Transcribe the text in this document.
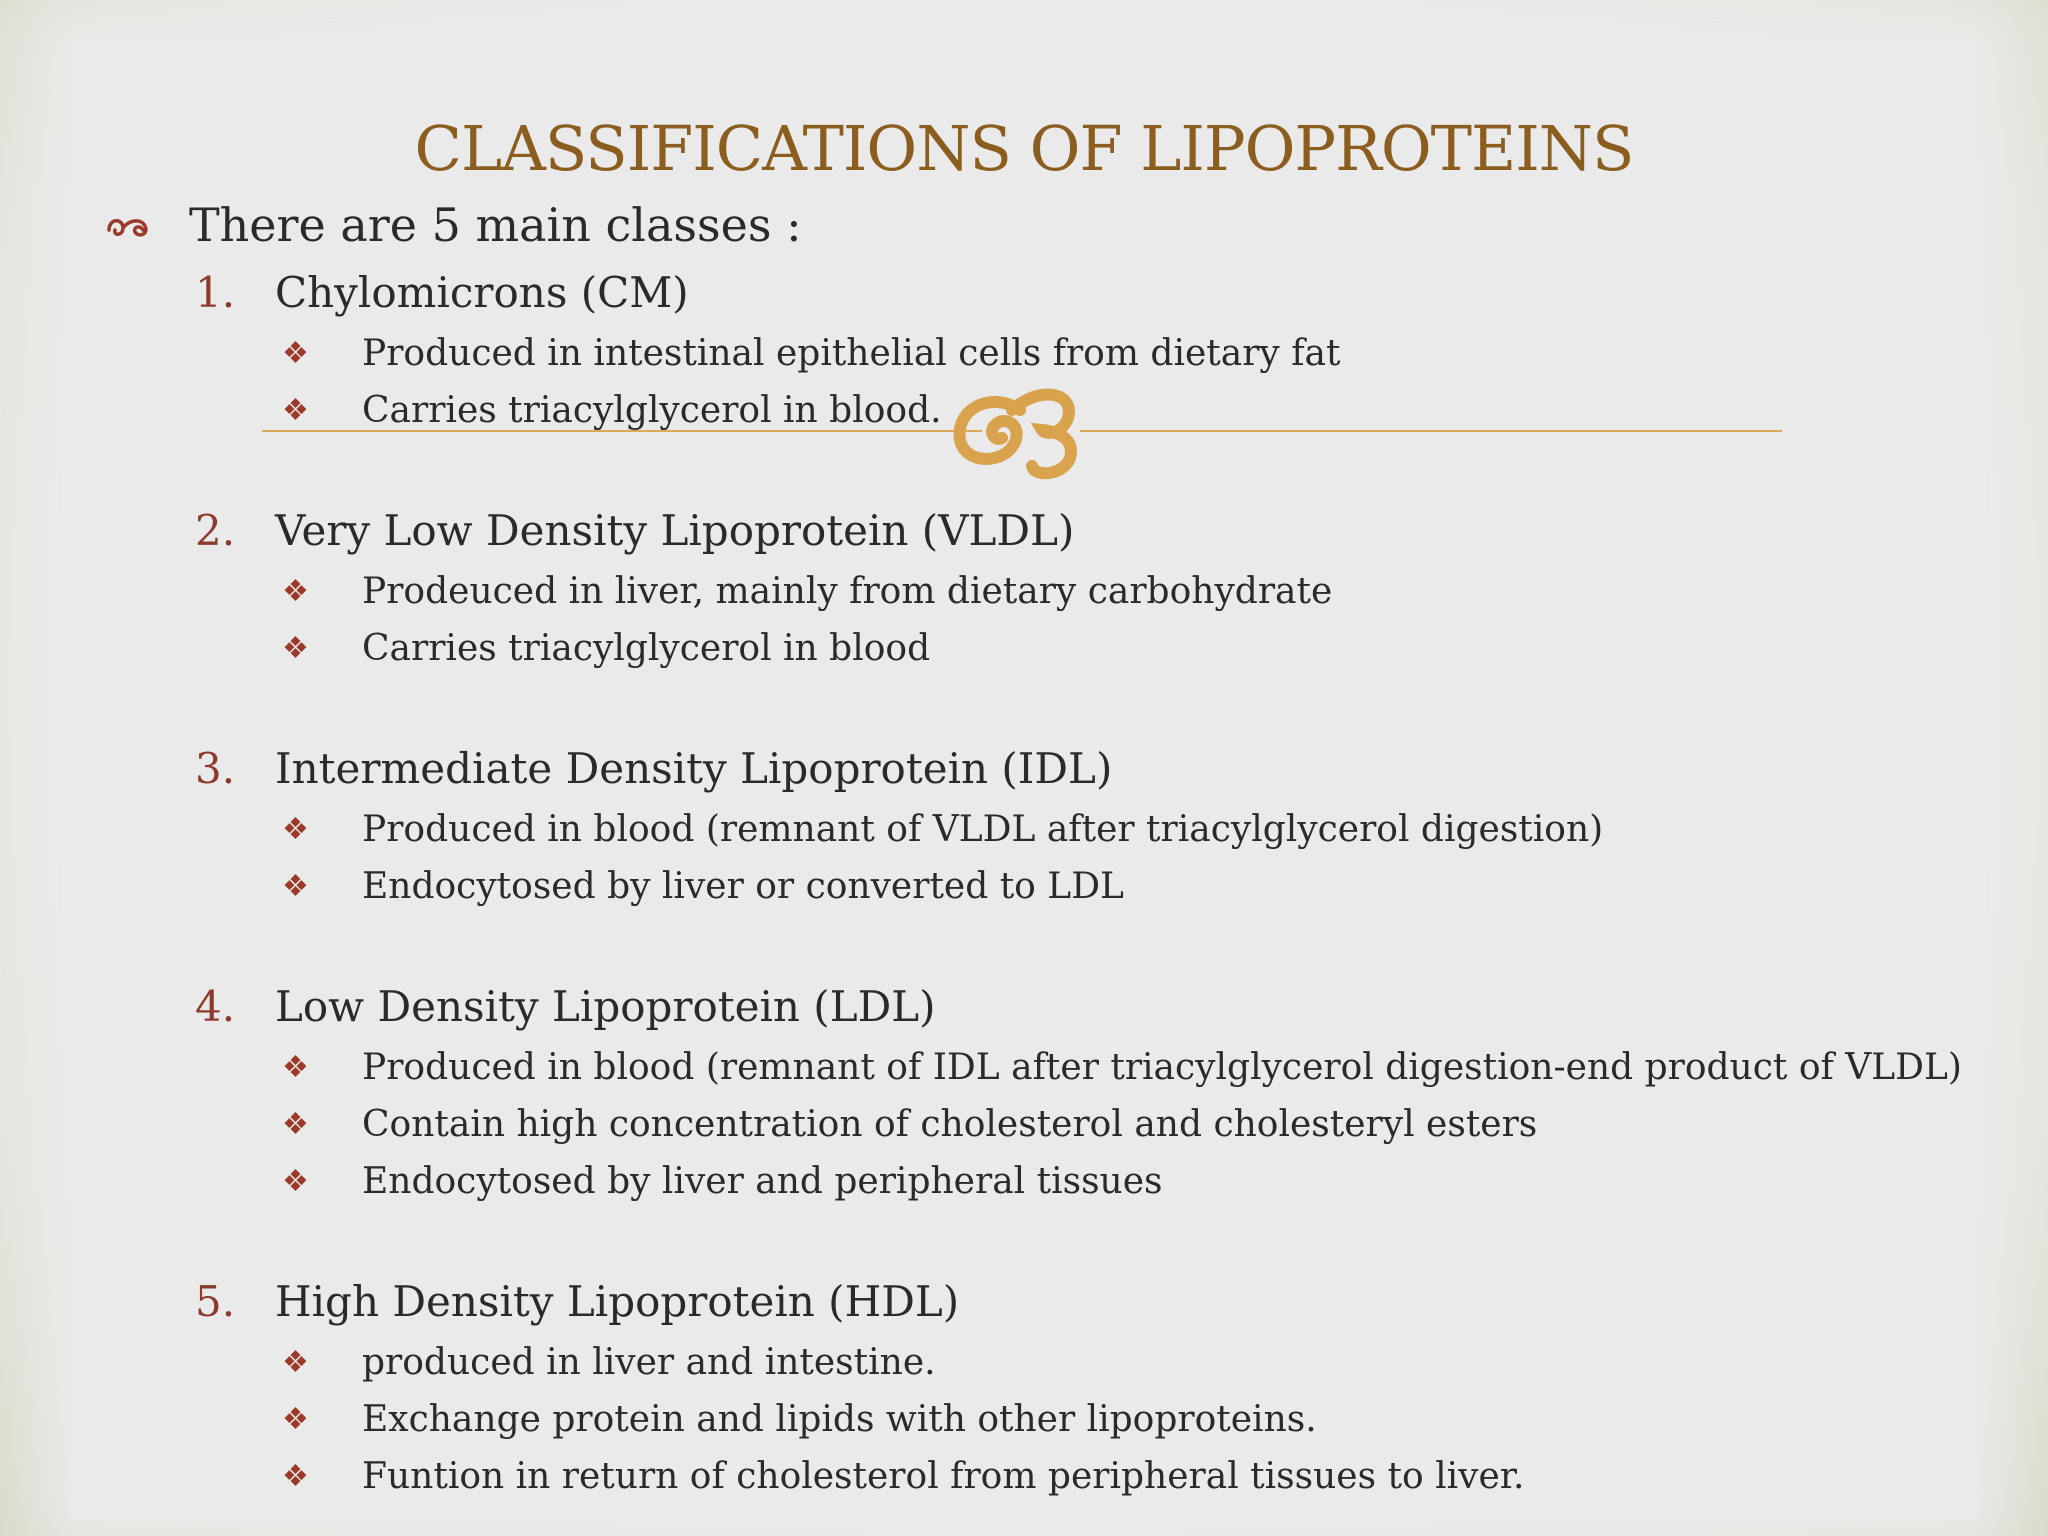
CLASSIFICATIONS OF LIPOPROTEINS
There are 5 main classes :
1. Chylomicrons (CM)
❖ Produced in intestinal epithelial cells from dietary fat
❖ Carries triacylglycerol in blood.
2. Very Low Density Lipoprotein (VLDL)
❖ Prodeuced in liver, mainly from dietary carbohydrate
❖ Carries triacylglycerol in blood
3. Intermediate Density Lipoprotein (IDL)
❖ Produced in blood (remnant of VLDL after triacylglycerol digestion)
❖ Endocytosed by liver or converted to LDL
4. Low Density Lipoprotein (LDL)
❖ Produced in blood (remnant of IDL after triacylglycerol digestion-end product of VLDL)
❖ Contain high concentration of cholesterol and cholesteryl esters
❖ Endocytosed by liver and peripheral tissues
5. High Density Lipoprotein (HDL)
❖ produced in liver and intestine.
❖ Exchange protein and lipids with other lipoproteins.
❖ Funtion in return of cholesterol from peripheral tissues to liver.
